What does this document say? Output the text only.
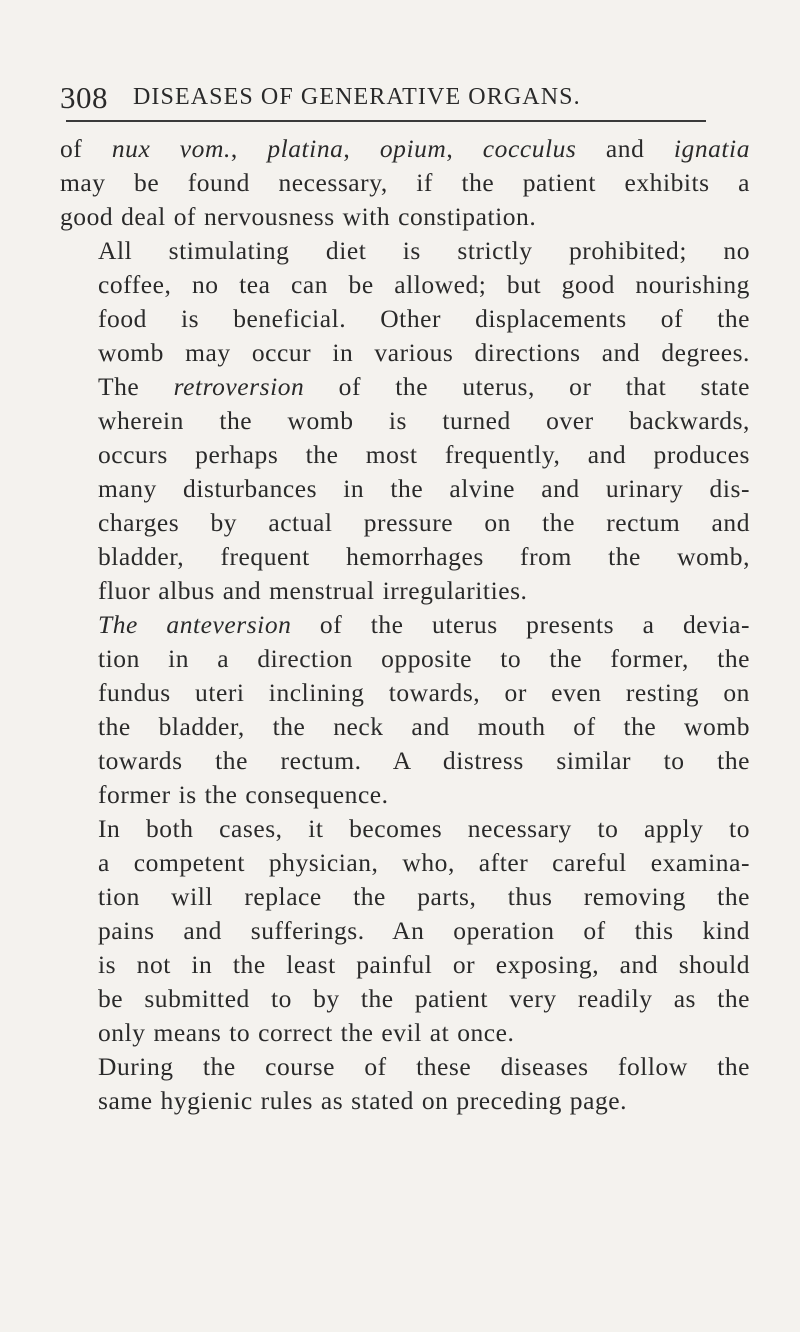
308 DISEASES OF GENERATIVE ORGANS.

of nux vom., platina, opium, cocculus and ignatia
may be found necessary, if the patient exhibits a
good deal of nervousness with constipation.

All stimulating diet is strictly prohibited; no
coffee, no tea can be allowed; but good nourishing
food is beneficial. Other displacements of the
womb may occur in various directions and degrees.
The retroversion of the uterus, or that state
wherein the womb is turned over backwards,
occurs perhaps the most frequently, and produces
many disturbances in the alvine and urinary dis-
charges by actual pressure on the rectum and
bladder, frequent hemorrhages from the womb,
fluor albus and menstrual irregularities.

The anteversion of the uterus presents a devia-
tion in a direction opposite to the former, the
fundus uteri inclining towards, or even resting on
the bladder, the neck and mouth of the womb
towards the rectum. A distress similar to the
former is the consequence.

In both cases, it becomes necessary to apply to
a competent physician, who, after careful examina-
tion will replace the parts, thus removing the
pains and sufferings. An operation of this kind
is not in the least painful or exposing, and should
be submitted to by the patient very readily as the
only means to correct the evil at once.

During the course of these diseases follow the
same hygienic rules as stated on preceding page.
